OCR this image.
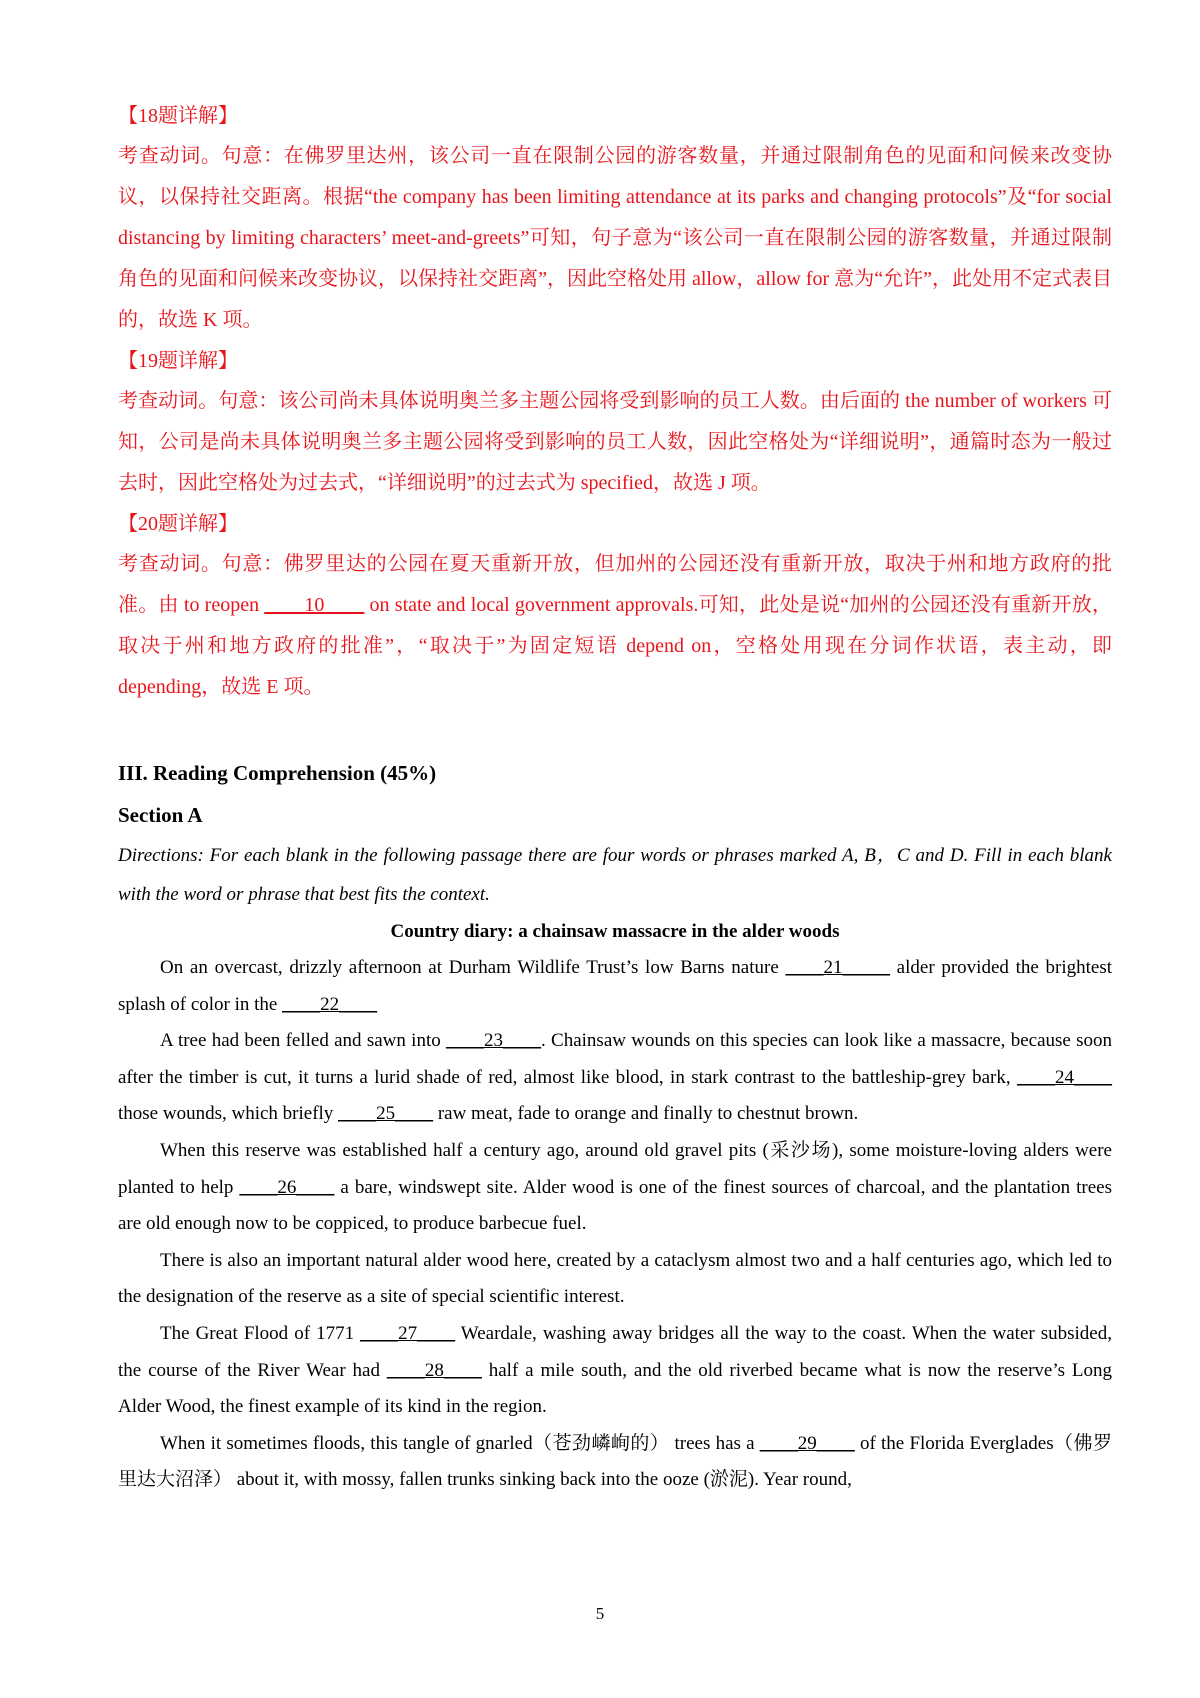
【18题详解】

考查动词。句意：在佛罗里达州，该公司一直在限制公园的游客数量，并通过限制角色的见面和问候来改变协议，以保持社交距离。根据“the company has been limiting attendance at its parks and changing protocols”及“for social distancing by limiting characters’ meet-and-greets”可知，句子意为“该公司一直在限制公园的游客数量，并通过限制角色的见面和问候来改变协议，以保持社交距离”，因此空格处用 allow，allow for 意为“允许”，此处用不定式表目的，故选 K 项。

【19题详解】

考查动词。句意：该公司尚未具体说明奥兰多主题公园将受到影响的员工人数。由后面的 the number of workers 可知，公司是尚未具体说明奥兰多主题公园将受到影响的员工人数，因此空格处为“详细说明”，通篇时态为一般过去时，因此空格处为过去式，“详细说明”的过去式为 specified，故选 J 项。

【20题详解】

考查动词。句意：佛罗里达的公园在夏天重新开放，但加州的公园还没有重新开放，取决于州和地方政府的批准。由 to reopen ____10____ on state and local government approvals.可知，此处是说“加州的公园还没有重新开放，取决于州和地方政府的批准”，“取决于”为固定短语 depend on，空格处用现在分词作状语，表主动，即 depending，故选 E 项。

III. Reading Comprehension (45%)

Section A

Directions: For each blank in the following passage there are four words or phrases marked A, B，C and D. Fill in each blank with the word or phrase that best fits the context.

Country diary: a chainsaw massacre in the alder woods

On an overcast, drizzly afternoon at Durham Wildlife Trust’s low Barns nature ____21_____ alder provided the brightest splash of color in the ____22____

A tree had been felled and sawn into ____23____. Chainsaw wounds on this species can look like a massacre, because soon after the timber is cut, it turns a lurid shade of red, almost like blood, in stark contrast to the battleship-grey bark, ____24____ those wounds, which briefly ____25____ raw meat, fade to orange and finally to chestnut brown.

When this reserve was established half a century ago, around old gravel pits (采沙场), some moisture-loving alders were planted to help ____26____ a bare, windswept site. Alder wood is one of the finest sources of charcoal, and the plantation trees are old enough now to be coppiced, to produce barbecue fuel.

There is also an important natural alder wood here, created by a cataclysm almost two and a half centuries ago, which led to the designation of the reserve as a site of special scientific interest.

The Great Flood of 1771 ____27____ Weardale, washing away bridges all the way to the coast. When the water subsided, the course of the River Wear had ____28____ half a mile south, and the old riverbed became what is now the reserve’s Long Alder Wood, the finest example of its kind in the region.

When it sometimes floods, this tangle of gnarled（苍劲嶙峋的） trees has a ____29____ of the Florida Everglades（佛罗里达大沼泽） about it, with mossy, fallen trunks sinking back into the ooze (淤泥). Year round,

5
